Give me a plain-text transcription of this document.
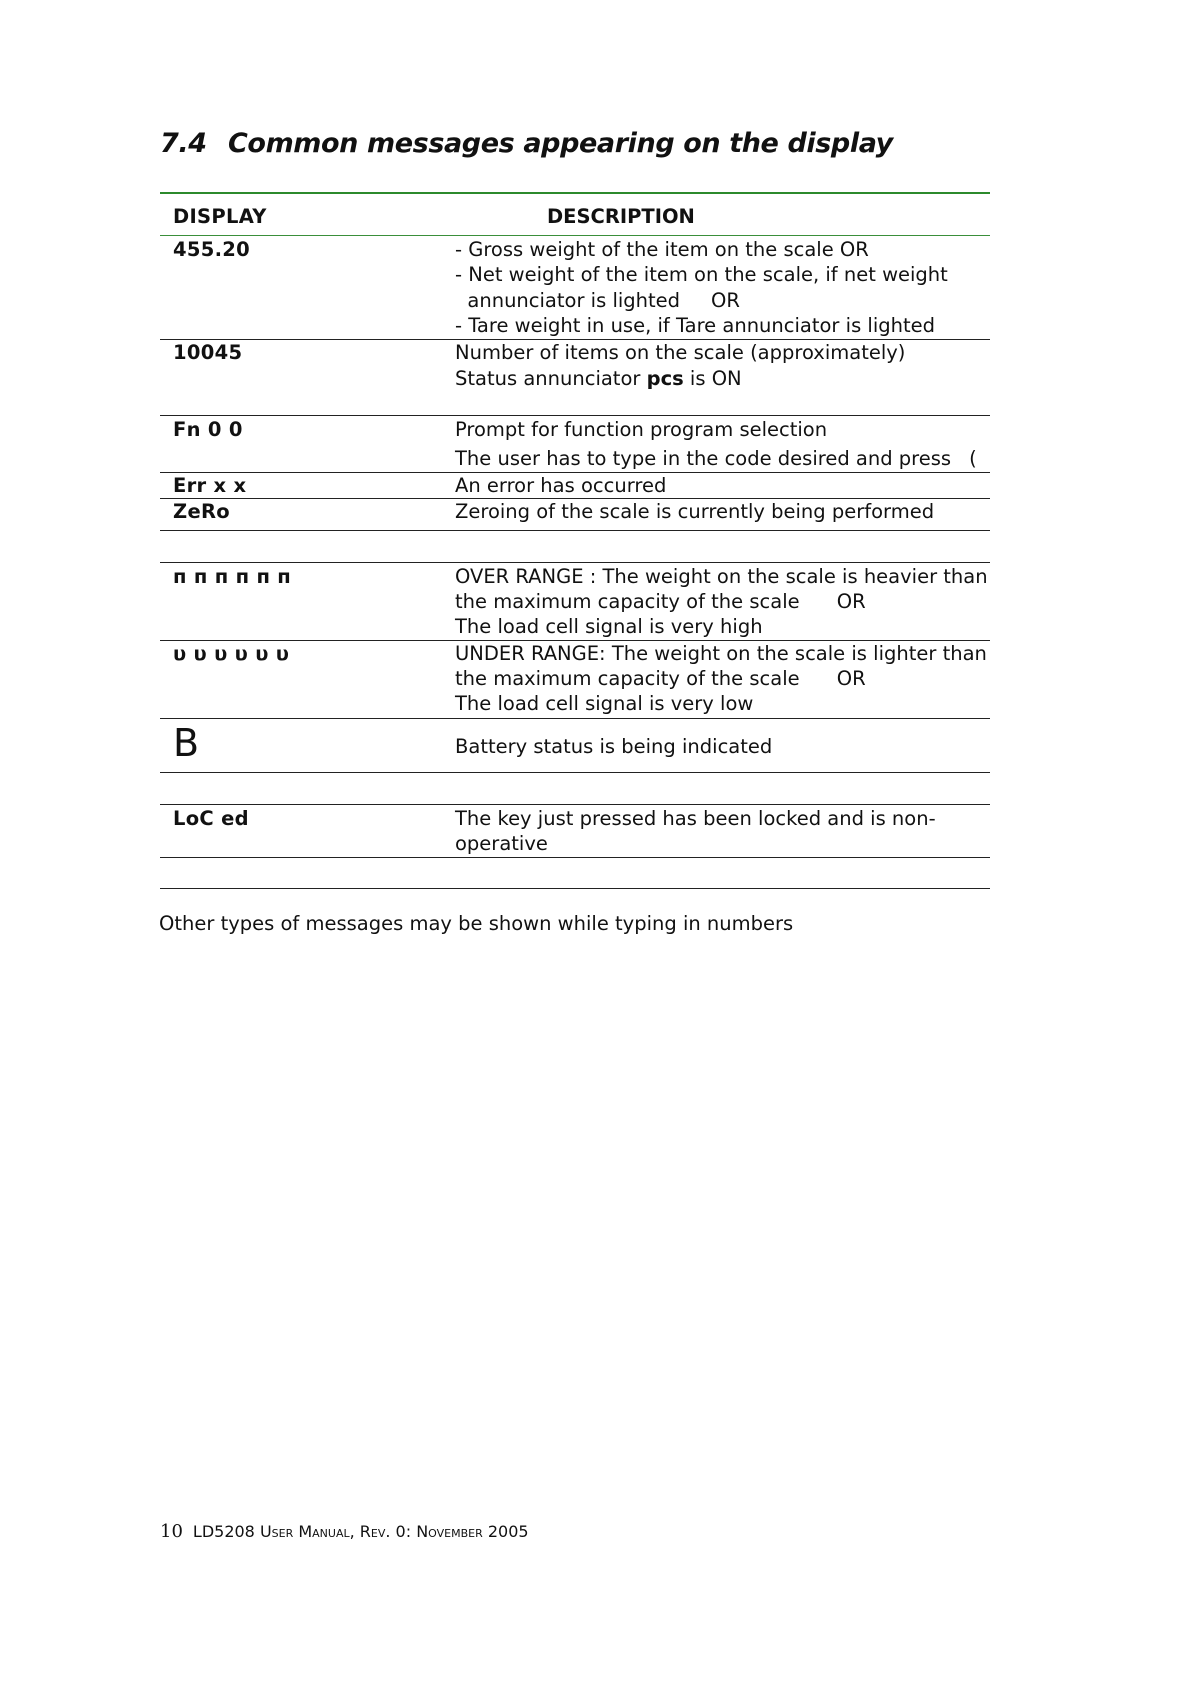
7.4 Common messages appearing on the display
DISPLAY	DESCRIPTION
455.20	- Gross weight of the item on the scale OR
- Net weight of the item on the scale, if net weight
annunciator is lighted     OR
- Tare weight in use, if Tare annunciator is lighted
10045	Number of items on the scale (approximately)
Status annunciator pcs is ON
Fn 0 0	Prompt for function program selection
The user has to type in the code desired and press (
Err x x	An error has occurred
ZeRo	Zeroing of the scale is currently being performed
п п п п п п	OVER RANGE : The weight on the scale is heavier than
the maximum capacity of the scale      OR
The load cell signal is very high
υ υ υ υ υ υ	UNDER RANGE: The weight on the scale is lighter than
the maximum capacity of the scale      OR
The load cell signal is very low
B	Battery status is being indicated
LoC ed	The key just pressed has been locked and is non-
operative
Other types of messages may be shown while typing in numbers
10 LD5208 User Manual, Rev. 0: November 2005
